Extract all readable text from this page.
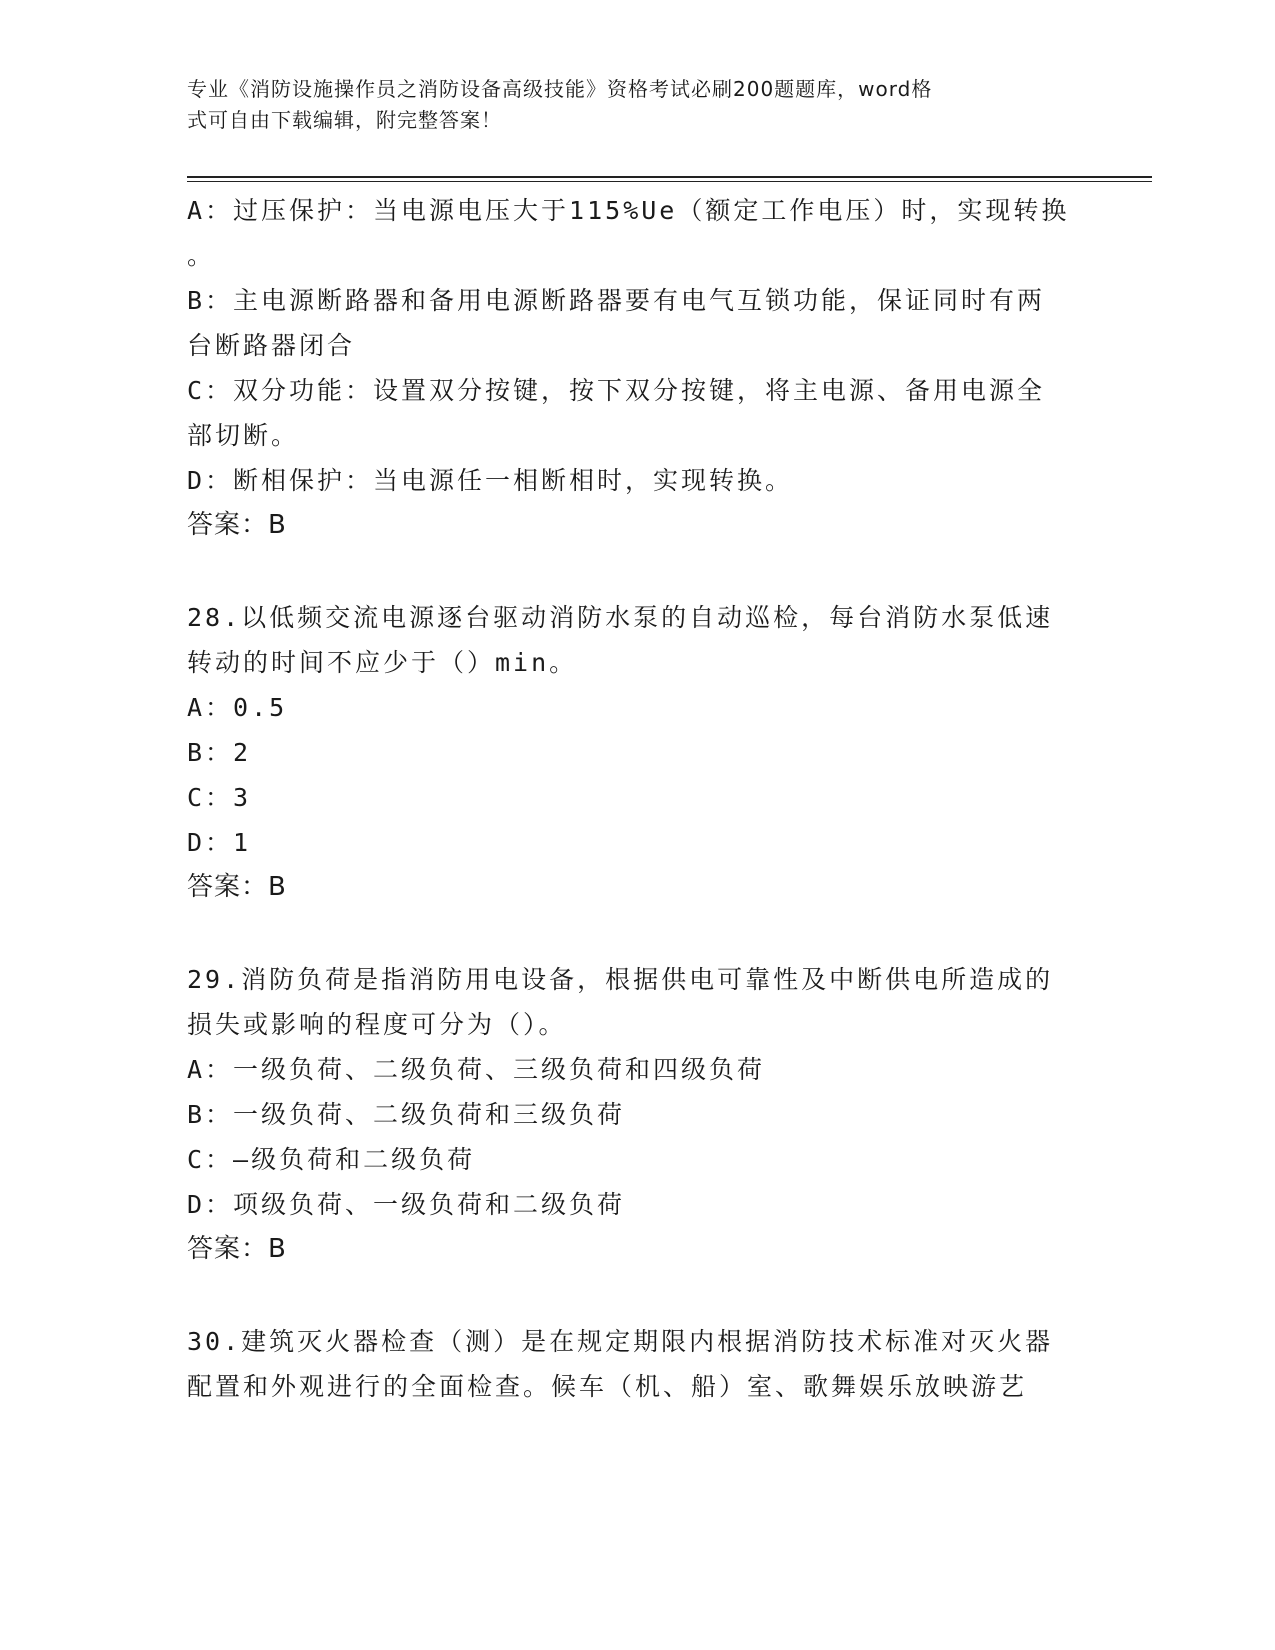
专业《消防设施操作员之消防设备高级技能》资格考试必刷200题题库，word格
式可自由下载编辑，附完整答案！
A：过压保护：当电源电压大于115%Ue（额定工作电压）时，实现转换
。
B：主电源断路器和备用电源断路器要有电气互锁功能，保证同时有两
台断路器闭合
C：双分功能：设置双分按键，按下双分按键，将主电源、备用电源全
部切断。
D：断相保护：当电源任一相断相时，实现转换。
答案：B
28.以低频交流电源逐台驱动消防水泵的自动巡检，每台消防水泵低速
转动的时间不应少于（）min。
A：0.5
B：2
C：3
D：1
答案：B
29.消防负荷是指消防用电设备，根据供电可靠性及中断供电所造成的
损失或影响的程度可分为（）。
A：一级负荷、二级负荷、三级负荷和四级负荷
B：一级负荷、二级负荷和三级负荷
C：—级负荷和二级负荷
D：项级负荷、一级负荷和二级负荷
答案：B
30.建筑灭火器检查（测）是在规定期限内根据消防技术标准对灭火器
配置和外观进行的全面检查。候车（机、船）室、歌舞娱乐放映游艺
